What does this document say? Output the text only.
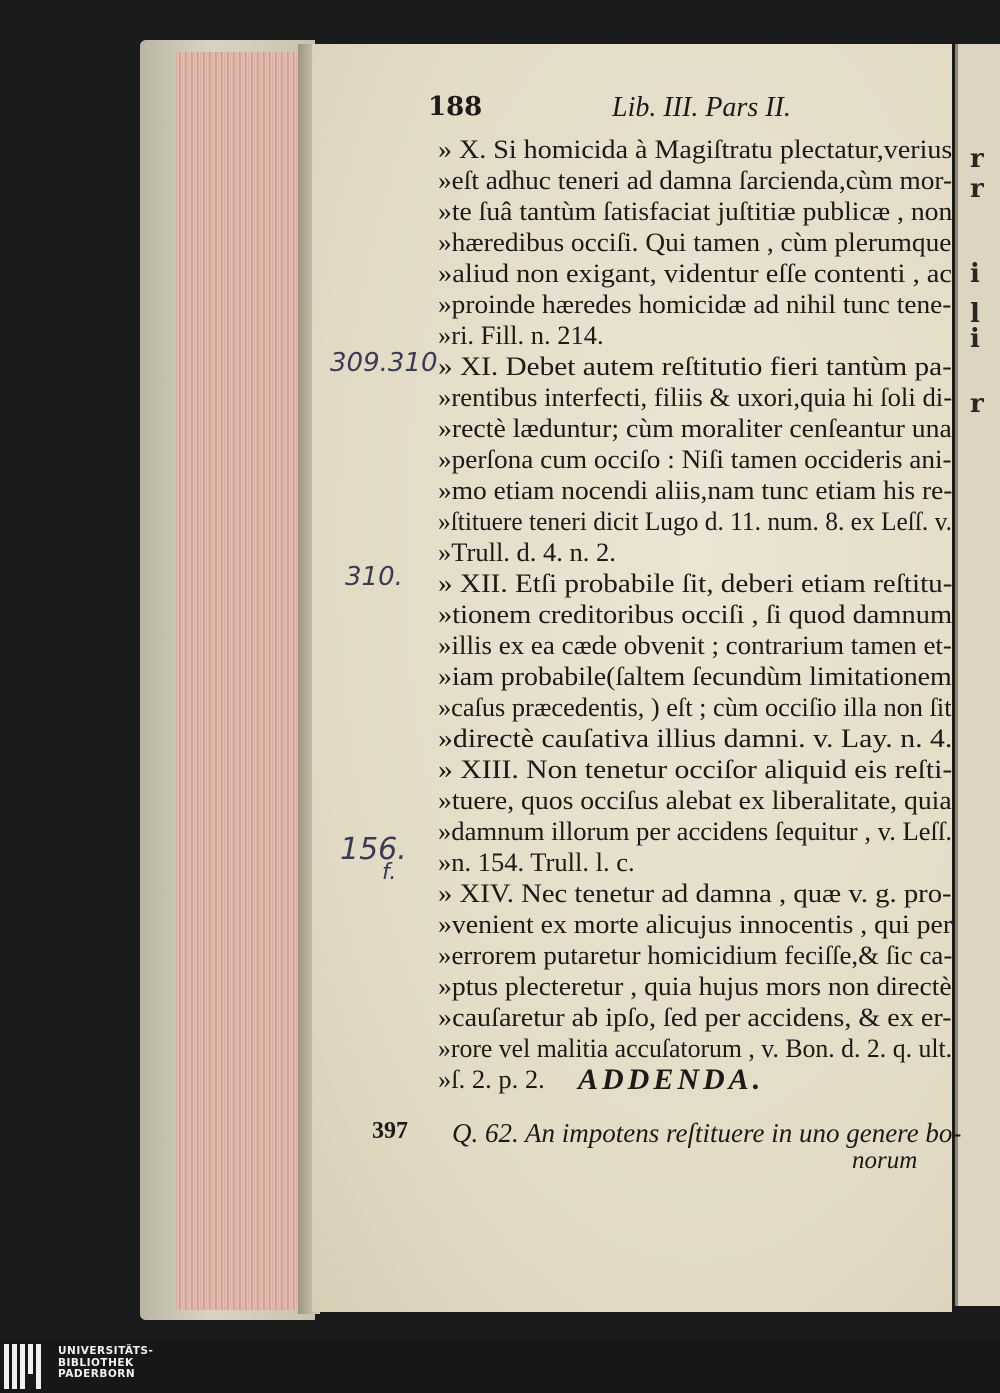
r
r
i
l
i
r
188	Lib. III. Pars II.
» X. Si homicida à Magiſtratu plectatur,verius
»eſt adhuc teneri ad damna ſarcienda,cùm mor-
»te ſuâ tantùm ſatisfaciat juſtitiæ publicæ , non
»hæredibus occiſi. Qui tamen , cùm plerumque
»aliud non exigant, videntur eſſe contenti , ac
»proinde hæredes homicidæ ad nihil tunc tene-
»ri. Fill. n. 214.
» XI. Debet autem reſtitutio fieri tantùm pa-
»rentibus interfecti, filiis & uxori,quia hi ſoli di-
»rectè læduntur; cùm moraliter cenſeantur una
»perſona cum occiſo : Niſi tamen occideris ani-
»mo etiam nocendi aliis,nam tunc etiam his re-
»ſtituere teneri dicit Lugo d. 11. num. 8. ex Leſſ. v.
»Trull. d. 4. n. 2.
» XII. Etſi probabile ſit, deberi etiam reſtitu-
»tionem creditoribus occiſi , ſi quod damnum
»illis ex ea cæde obvenit ; contrarium tamen et-
»iam probabile(ſaltem ſecundùm limitationem
»caſus præcedentis, ) eſt ; cùm occiſio illa non ſit
»directè cauſativa illius damni. v. Lay. n. 4.
» XIII. Non tenetur occiſor aliquid eis reſti-
»tuere, quos occiſus alebat ex liberalitate, quia
»damnum illorum per accidens ſequitur , v. Leſſ.
»n. 154. Trull. l. c.
» XIV. Nec tenetur ad damna , quæ v. g. pro-
»venient ex morte alicujus innocentis , qui per
»errorem putaretur homicidium feciſſe,& ſic ca-
»ptus plecteretur , quia hujus mors non directè
»cauſaretur ab ipſo, ſed per accidens, & ex er-
»rore vel malitia accuſatorum , v. Bon. d. 2. q. ult.
»ſ. 2. p. 2.
309.310
310.
156.
f.
ADDENDA.
397 Q. 62. An impotens reſtituere in uno genere bo-
norum
UNIVERSITÄTS-
BIBLIOTHEK
PADERBORN
